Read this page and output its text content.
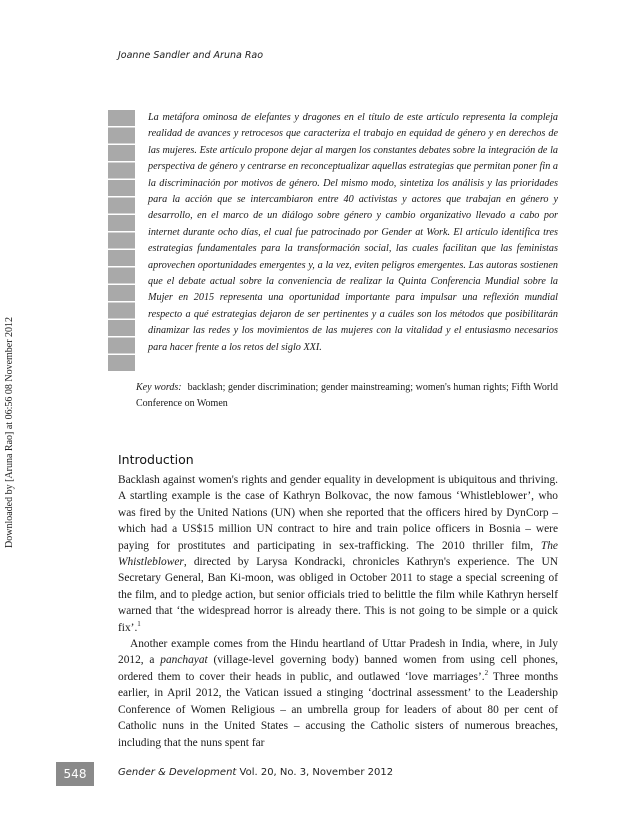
Joanne Sandler and Aruna Rao
Downloaded by [Aruna Rao] at 06:56 08 November 2012
La metáfora ominosa de elefantes y dragones en el título de este artículo representa la compleja realidad de avances y retrocesos que caracteriza el trabajo en equidad de género y en derechos de las mujeres. Este artículo propone dejar al margen los constantes debates sobre la integración de la perspectiva de género y centrarse en reconceptualizar aquellas estrategias que permitan poner fin a la discriminación por motivos de género. Del mismo modo, sintetiza los análisis y las prioridades para la acción que se intercambiaron entre 40 activistas y actores que trabajan en género y desarrollo, en el marco de un diálogo sobre género y cambio organizativo llevado a cabo por internet durante ocho días, el cual fue patrocinado por Gender at Work. El artículo identifica tres estrategias fundamentales para la transformación social, las cuales facilitan que las feministas aprovechen oportunidades emergentes y, a la vez, eviten peligros emergentes. Las autoras sostienen que el debate actual sobre la conveniencia de realizar la Quinta Conferencia Mundial sobre la Mujer en 2015 representa una oportunidad importante para impulsar una reflexión mundial respecto a qué estrategias dejaron de ser pertinentes y a cuáles son los métodos que posibilitarán dinamizar las redes y los movimientos de las mujeres con la vitalidad y el entusiasmo necesarios para hacer frente a los retos del siglo XXI.
Key words: backlash; gender discrimination; gender mainstreaming; women's human rights; Fifth World Conference on Women
Introduction

Backlash against women's rights and gender equality in development is ubiquitous and thriving. A startling example is the case of Kathryn Bolkovac, the now famous ‘Whistleblower’, who was fired by the United Nations (UN) when she reported that the officers hired by DynCorp – which had a US$15 million UN contract to hire and train police officers in Bosnia – were paying for prostitutes and participating in sex-trafficking. The 2010 thriller film, The Whistleblower, directed by Larysa Kondracki, chronicles Kathryn's experience. The UN Secretary General, Ban Ki-moon, was obliged in October 2011 to stage a special screening of the film, and to pledge action, but senior officials tried to belittle the film while Kathryn herself warned that ‘the widespread horror is already there. This is not going to be simple or a quick fix’.$^1$

Another example comes from the Hindu heartland of Uttar Pradesh in India, where, in July 2012, a panchayat (village-level governing body) banned women from using cell phones, ordered them to cover their heads in public, and outlawed ‘love marriages’.$^2$ Three months earlier, in April 2012, the Vatican issued a stinging ‘doctrinal assessment’ to the Leadership Conference of Women Religious – an umbrella group for leaders of about 80 per cent of Catholic nuns in the United States – accusing the Catholic sisters of numerous breaches, including that the nuns spent far

548	Gender & Development Vol. 20, No. 3, November 2012
